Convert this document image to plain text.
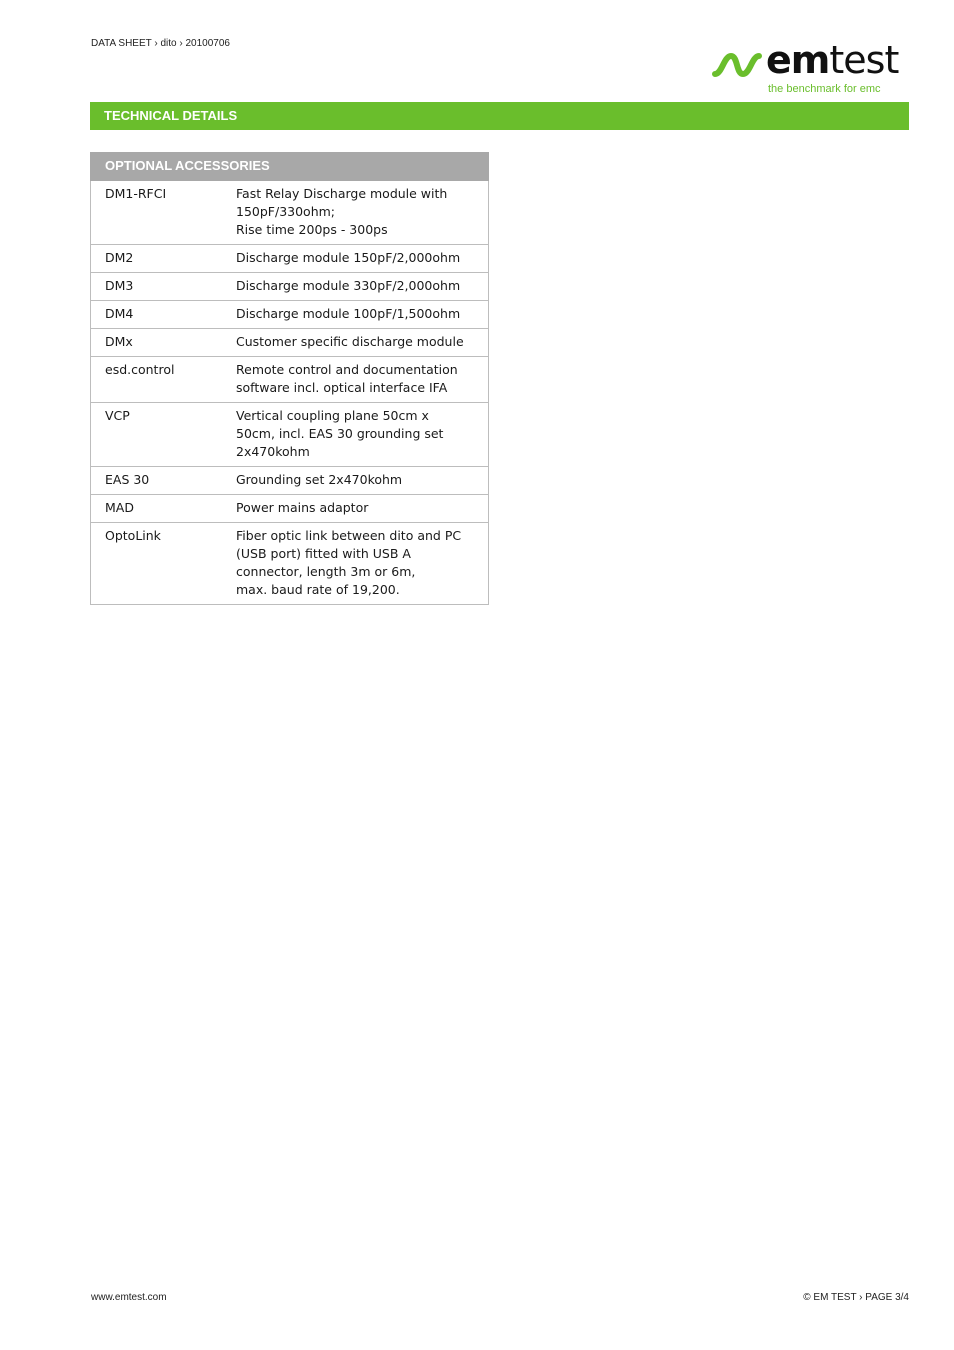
DATA SHEET › dito › 20100706	emtest
the benchmark for emc
TECHNICAL DETAILS
OPTIONAL ACCESSORIES	
DM1-RFCI	Fast Relay Discharge module with
150pF/330ohm;
Rise time 200ps - 300ps

DM2	Discharge module 150pF/2,000ohm

DM3	Discharge module 330pF/2,000ohm

DM4	Discharge module 100pF/1,500ohm

DMx	Customer specific discharge module

esd.control	Remote control and documentation
software incl. optical interface IFA

VCP	Vertical coupling plane 50cm x
50cm, incl. EAS 30 grounding set
2x470kohm

EAS 30	Grounding set 2x470kohm

MAD	Power mains adaptor

OptoLink	Fiber optic link between dito and PC
(USB port) fitted with USB A
connector, length 3m or 6m,
max. baud rate of 19,200.
www.emtest.com	© EM TEST › PAGE 3/4
